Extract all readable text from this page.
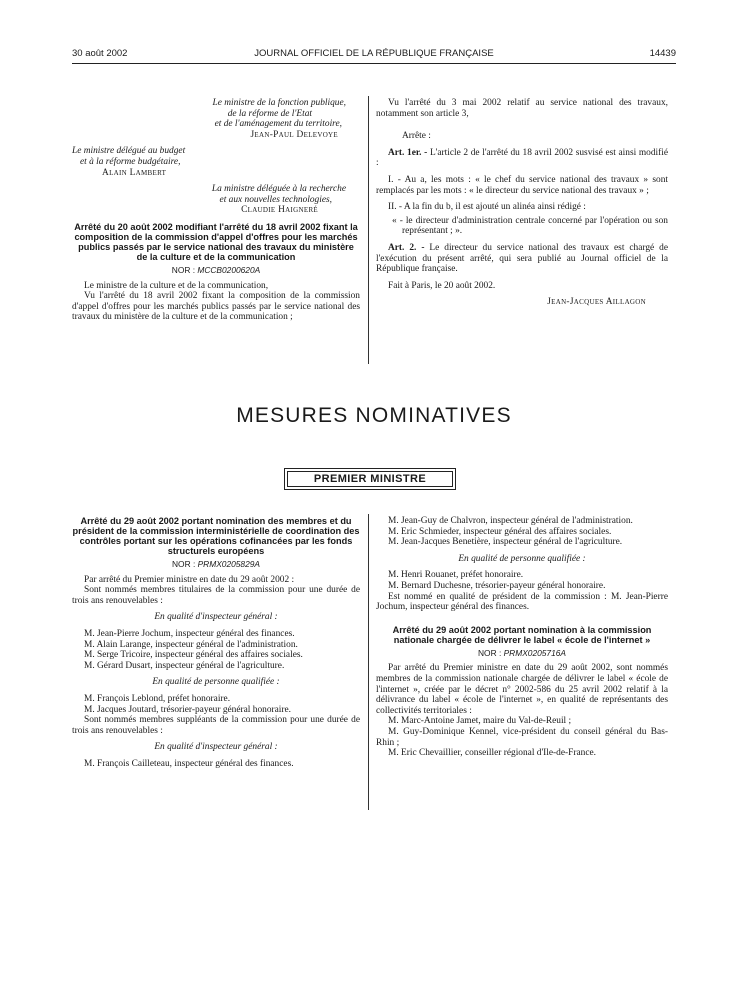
30 août 2002	JOURNAL OFFICIEL DE LA RÉPUBLIQUE FRANÇAISE	14439
Le ministre de la fonction publique,
de la réforme de l'Etat
et de l'aménagement du territoire,
Jean-Paul Delevoye
Le ministre délégué au budget
et à la réforme budgétaire,
Alain Lambert
La ministre déléguée à la recherche
et aux nouvelles technologies,
Claudie Haigneré

Arrêté du 20 août 2002 modifiant l'arrêté du 18 avril 2002 fixant la composition de la commission d'appel d'offres pour les marchés publics passés par le service national des travaux du ministère de la culture et de la communication

NOR : MCCB0200620A

Le ministre de la culture et de la communication,

Vu l'arrêté du 18 avril 2002 fixant la composition de la commission d'appel d'offres pour les marchés publics passés par le service national des travaux du ministère de la culture et de la communication ;

Vu l'arrêté du 3 mai 2002 relatif au service national des travaux, notamment son article 3,

Arrête :

Art. 1er. - L'article 2 de l'arrêté du 18 avril 2002 susvisé est ainsi modifié :

I. - Au a, les mots : « le chef du service national des travaux » sont remplacés par les mots : « le directeur du service national des travaux » ;

II. - A la fin du b, il est ajouté un alinéa ainsi rédigé :

« - le directeur d'administration centrale concerné par l'opération ou son représentant ; ».

Art. 2. - Le directeur du service national des travaux est chargé de l'exécution du présent arrêté, qui sera publié au Journal officiel de la République française.

Fait à Paris, le 20 août 2002.

Jean-Jacques Aillagon

MESURES NOMINATIVES
PREMIER MINISTRE

Arrêté du 29 août 2002 portant nomination des membres et du président de la commission interministérielle de coordination des contrôles portant sur les opérations cofinancées par les fonds structurels européens

NOR : PRMX0205829A

Par arrêté du Premier ministre en date du 29 août 2002 :

Sont nommés membres titulaires de la commission pour une durée de trois ans renouvelables :

En qualité d'inspecteur général :

M. Jean-Pierre Jochum, inspecteur général des finances.

M. Alain Larange, inspecteur général de l'administration.

M. Serge Tricoire, inspecteur général des affaires sociales.

M. Gérard Dusart, inspecteur général de l'agriculture.

En qualité de personne qualifiée :

M. François Leblond, préfet honoraire.

M. Jacques Joutard, trésorier-payeur général honoraire.

Sont nommés membres suppléants de la commission pour une durée de trois ans renouvelables :

En qualité d'inspecteur général :

M. François Cailleteau, inspecteur général des finances.

M. Jean-Guy de Chalvron, inspecteur général de l'administration.

M. Eric Schmieder, inspecteur général des affaires sociales.

M. Jean-Jacques Benetière, inspecteur général de l'agriculture.

En qualité de personne qualifiée :

M. Henri Rouanet, préfet honoraire.

M. Bernard Duchesne, trésorier-payeur général honoraire.

Est nommé en qualité de président de la commission : M. Jean-Pierre Jochum, inspecteur général des finances.

Arrêté du 29 août 2002 portant nomination à la commission nationale chargée de délivrer le label « école de l'internet »

NOR : PRMX0205716A

Par arrêté du Premier ministre en date du 29 août 2002, sont nommés membres de la commission nationale chargée de délivrer le label « école de l'internet », créée par le décret n° 2002-586 du 25 avril 2002 relatif à la délivrance du label « école de l'internet », en qualité de représentants des collectivités territoriales :

M. Marc-Antoine Jamet, maire du Val-de-Reuil ;

M. Guy-Dominique Kennel, vice-président du conseil général du Bas-Rhin ;

M. Eric Chevaillier, conseiller régional d'Ile-de-France.
